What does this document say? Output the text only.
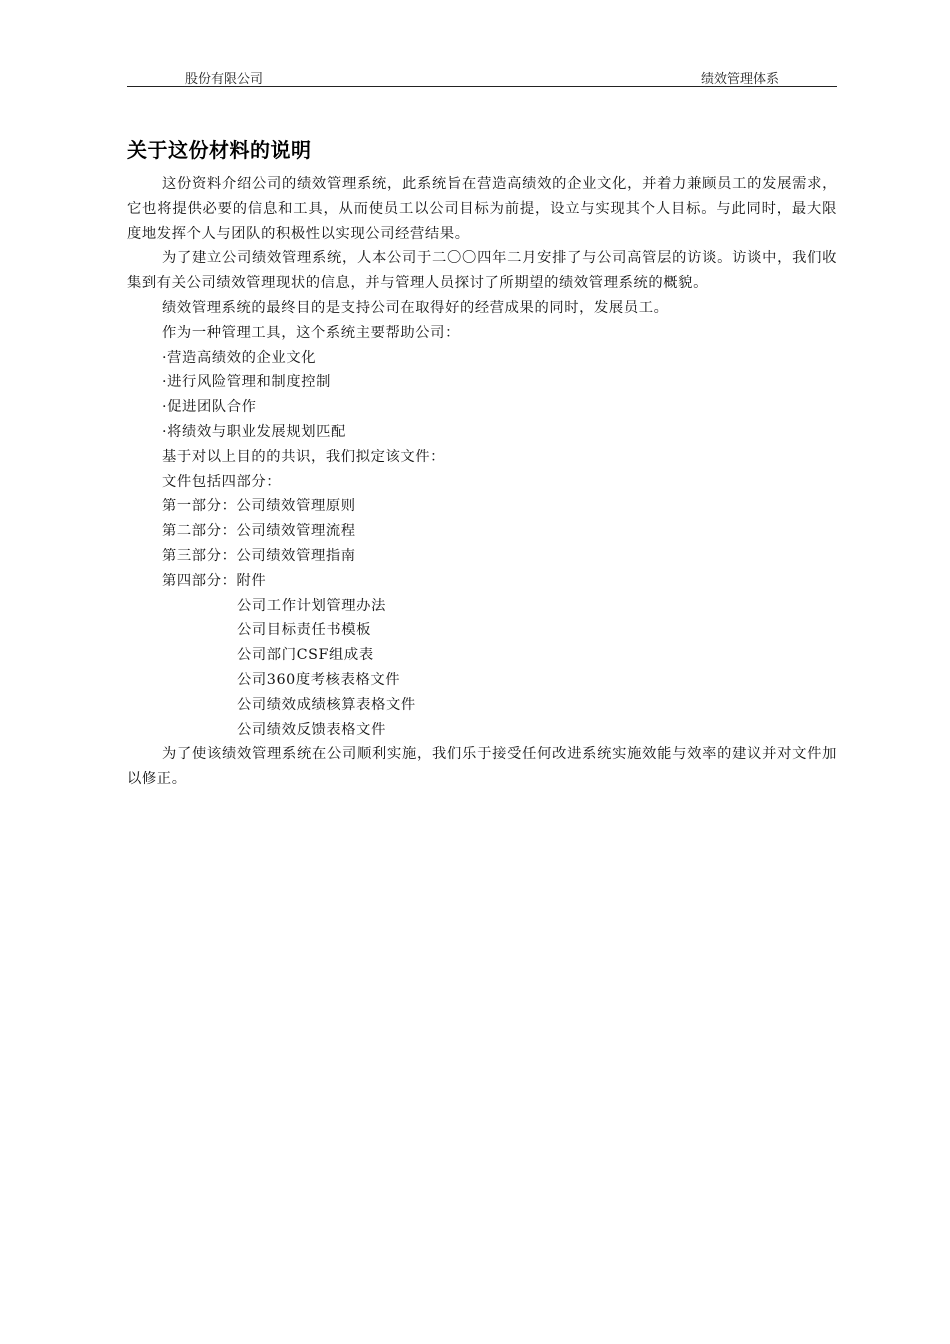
股份有限公司	绩效管理体系
关于这份材料的说明

这份资料介绍公司的绩效管理系统，此系统旨在营造高绩效的企业文化，并着力兼顾员工的发展需求，它也将提供必要的信息和工具，从而使员工以公司目标为前提，设立与实现其个人目标。与此同时，最大限度地发挥个人与团队的积极性以实现公司经营结果。

为了建立公司绩效管理系统，人本公司于二〇〇四年二月安排了与公司高管层的访谈。访谈中，我们收集到有关公司绩效管理现状的信息，并与管理人员探讨了所期望的绩效管理系统的概貌。

绩效管理系统的最终目的是支持公司在取得好的经营成果的同时，发展员工。

作为一种管理工具，这个系统主要帮助公司：

·营造高绩效的企业文化

·进行风险管理和制度控制

·促进团队合作

·将绩效与职业发展规划匹配

基于对以上目的的共识，我们拟定该文件：

文件包括四部分：

第一部分：公司绩效管理原则

第二部分：公司绩效管理流程

第三部分：公司绩效管理指南

第四部分：附件

公司工作计划管理办法

公司目标责任书模板

公司部门CSF组成表

公司360度考核表格文件

公司绩效成绩核算表格文件

公司绩效反馈表格文件

为了使该绩效管理系统在公司顺利实施，我们乐于接受任何改进系统实施效能与效率的建议并对文件加以修正。
